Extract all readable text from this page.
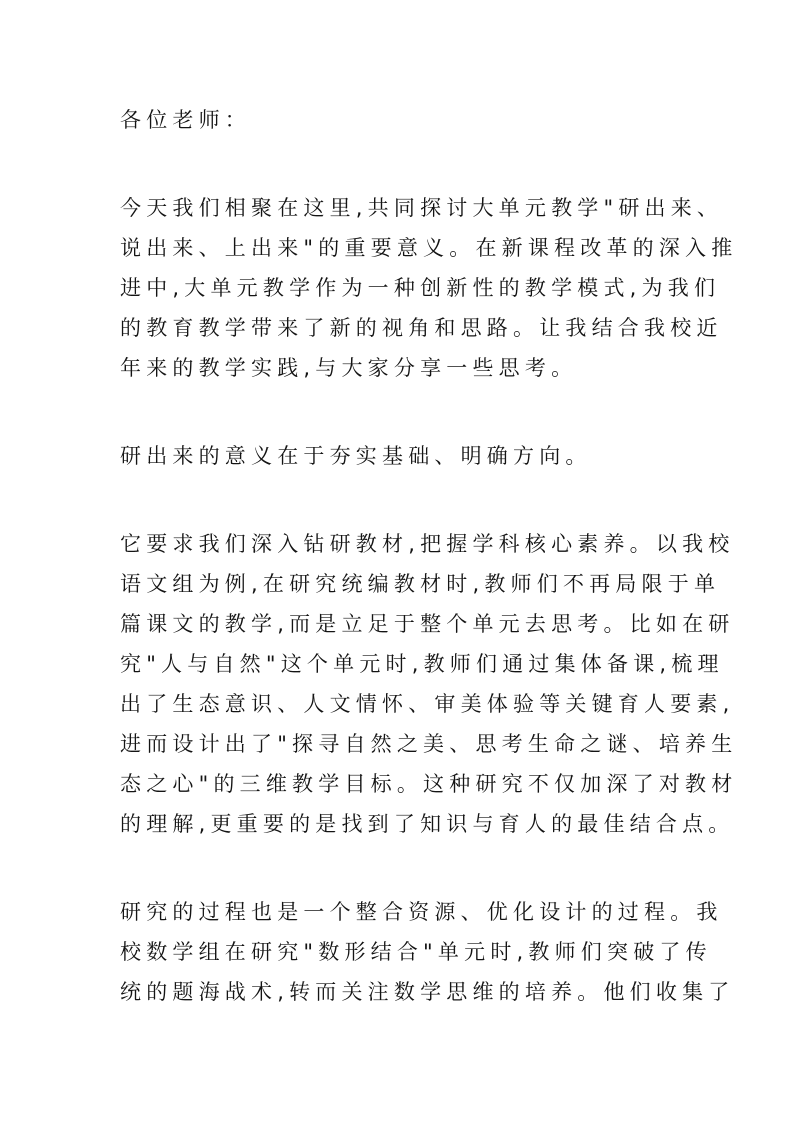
各位老师：
今天我们相聚在这里,共同探讨大单元教学"研出来、
说出来、上出来"的重要意义。在新课程改革的深入推
进中,大单元教学作为一种创新性的教学模式,为我们
的教育教学带来了新的视角和思路。让我结合我校近
年来的教学实践,与大家分享一些思考。
研出来的意义在于夯实基础、明确方向。
它要求我们深入钻研教材,把握学科核心素养。以我校
语文组为例,在研究统编教材时,教师们不再局限于单
篇课文的教学,而是立足于整个单元去思考。比如在研
究"人与自然"这个单元时,教师们通过集体备课,梳理
出了生态意识、人文情怀、审美体验等关键育人要素,
进而设计出了"探寻自然之美、思考生命之谜、培养生
态之心"的三维教学目标。这种研究不仅加深了对教材
的理解,更重要的是找到了知识与育人的最佳结合点。
研究的过程也是一个整合资源、优化设计的过程。我
校数学组在研究"数形结合"单元时,教师们突破了传
统的题海战术,转而关注数学思维的培养。他们收集了
